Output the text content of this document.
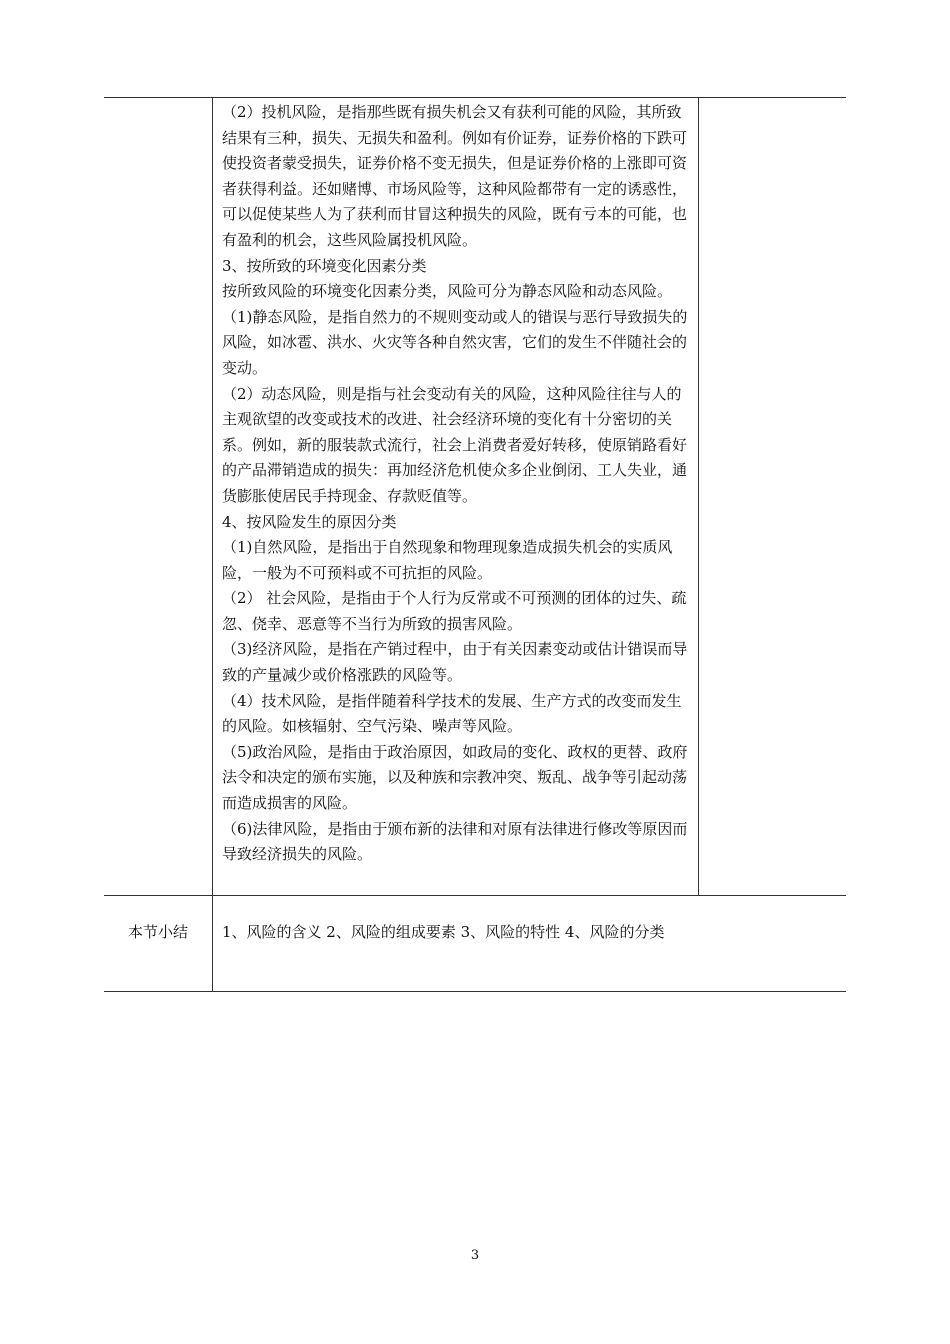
（2）投机风险，是指那些既有损失机会又有获利可能的风险，其所致结果有三种，损失、无损失和盈利。例如有价证券，证券价格的下跌可使投资者蒙受损失，证券价格不变无损失，但是证券价格的上涨即可资者获得利益。还如赌博、市场风险等，这种风险都带有一定的诱惑性，可以促使某些人为了获利而甘冒这种损失的风险，既有亏本的可能，也有盈利的机会，这些风险属投机风险。

3、按所致的环境变化因素分类

按所致风险的环境变化因素分类，风险可分为静态风险和动态风险。

（1)静态风险，是指自然力的不规则变动或人的错误与恶行导致损失的风险，如冰雹、洪水、火灾等各种自然灾害，它们的发生不伴随社会的变动。

（2）动态风险，则是指与社会变动有关的风险，这种风险往往与人的主观欲望的改变或技术的改进、社会经济环境的变化有十分密切的关系。例如，新的服装款式流行，社会上消费者爱好转移，使原销路看好的产品滞销造成的损失：再加经济危机使众多企业倒闭、工人失业，通货膨胀使居民手持现金、存款贬值等。

4、按风险发生的原因分类

（1)自然风险，是指出于自然现象和物理现象造成损失机会的实质风险，一般为不可预料或不可抗拒的风险。

（2） 社会风险，是指由于个人行为反常或不可预测的团体的过失、疏忽、侥幸、恶意等不当行为所致的损害风险。

（3)经济风险，是指在产销过程中，由于有关因素变动或估计错误而导致的产量减少或价格涨跌的风险等。

（4）技术风险，是指伴随着科学技术的发展、生产方式的改变而发生的风险。如核辐射、空气污染、噪声等风险。

（5)政治风险，是指由于政治原因，如政局的变化、政权的更替、政府法令和决定的颁布实施，以及种族和宗教冲突、叛乱、战争等引起动荡而造成损害的风险。

（6)法律风险，是指由于颁布新的法律和对原有法律进行修改等原因而导致经济损失的风险。

本节小结	1、风险的含义 2、风险的组成要素 3、风险的特性 4、风险的分类
3
